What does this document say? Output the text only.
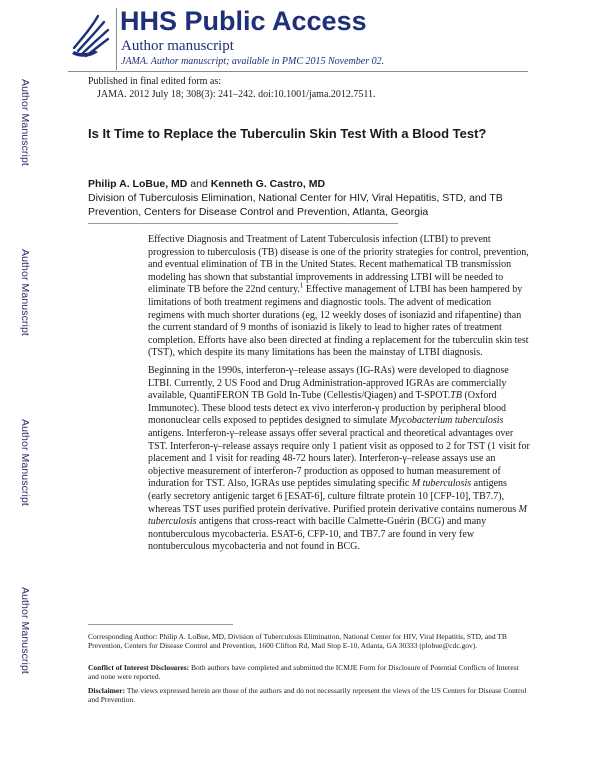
Author Manuscript
Author Manuscript
Author Manuscript
Author Manuscript
HHS Public Access
Author manuscript
JAMA. Author manuscript; available in PMC 2015 November 02.
Published in final edited form as:
JAMA. 2012 July 18; 308(3): 241–242. doi:10.1001/jama.2012.7511.
Is It Time to Replace the Tuberculin Skin Test With a Blood Test?
Philip A. LoBue, MD and Kenneth G. Castro, MD
Division of Tuberculosis Elimination, National Center for HIV, Viral Hepatitis, STD, and TB Prevention, Centers for Disease Control and Prevention, Atlanta, Georgia

Effective Diagnosis and Treatment of Latent Tuberculosis infection (LTBI) to prevent progression to tuberculosis (TB) disease is one of the priority strategies for control, prevention, and eventual elimination of TB in the United States. Recent mathematical TB transmission modeling has shown that substantial improvements in addressing LTBI will be needed to eliminate TB before the 22nd century.$^1$ Effective management of LTBI has been hampered by limitations of both treatment regimens and diagnostic tools. The advent of medication regimens with much shorter durations (eg, 12 weekly doses of isoniazid and rifapentine) than the current standard of 9 months of isoniazid is likely to lead to higher rates of treatment completion. Efforts have also been directed at finding a replacement for the tuberculin skin test (TST), which despite its many limitations has been the mainstay of LTBI diagnosis.

Beginning in the 1990s, interferon-γ–release assays (IG-RAs) were developed to diagnose LTBI. Currently, 2 US Food and Drug Administration-approved IGRAs are commercially available, QuantiFERON TB Gold In-Tube (Cellestis/Qiagen) and T-SPOT.TB (Oxford Immunotec). These blood tests detect ex vivo interferon-γ production by peripheral blood mononuclear cells exposed to peptides designed to simulate Mycobacterium tuberculosis antigens. Interferon-γ–release assays offer several practical and theoretical advantages over TST. Interferon-γ–release assays require only 1 patient visit as opposed to 2 for TST (1 visit for placement and 1 visit for reading 48-72 hours later). Interferon-γ–release assays use an objective measurement of interferon-7 production as opposed to human measurement of induration for TST. Also, IGRAs use peptides simulating specific M tuberculosis antigens (early secretory antigenic target 6 [ESAT-6], culture filtrate protein 10 [CFP-10], TB7.7), whereas TST uses purified protein derivative. Purified protein derivative contains numerous M tuberculosis antigens that cross-react with bacille Calmette-Guérin (BCG) and many nontuberculous mycobacteria. ESAT-6, CFP-10, and TB7.7 are found in very few nontuberculous mycobacteria and not found in BCG.

Corresponding Author: Philip A. LoBue, MD, Division of Tuberculosis Elimination, National Center for HIV, Viral Hepatitis, STD, and TB Prevention, Centers for Disease Control and Prevention, 1600 Clifton Rd, Mail Stop E-10, Atlanta, GA 30333 (plobue@cdc.gov).

Conflict of Interest Disclosures: Both authors have completed and submitted the ICMJE Form for Disclosure of Potential Conflicts of Interest and none were reported.

Disclaimer: The views expressed herein are those of the authors and do not necessarily represent the views of the US Centers for Disease Control and Prevention.
